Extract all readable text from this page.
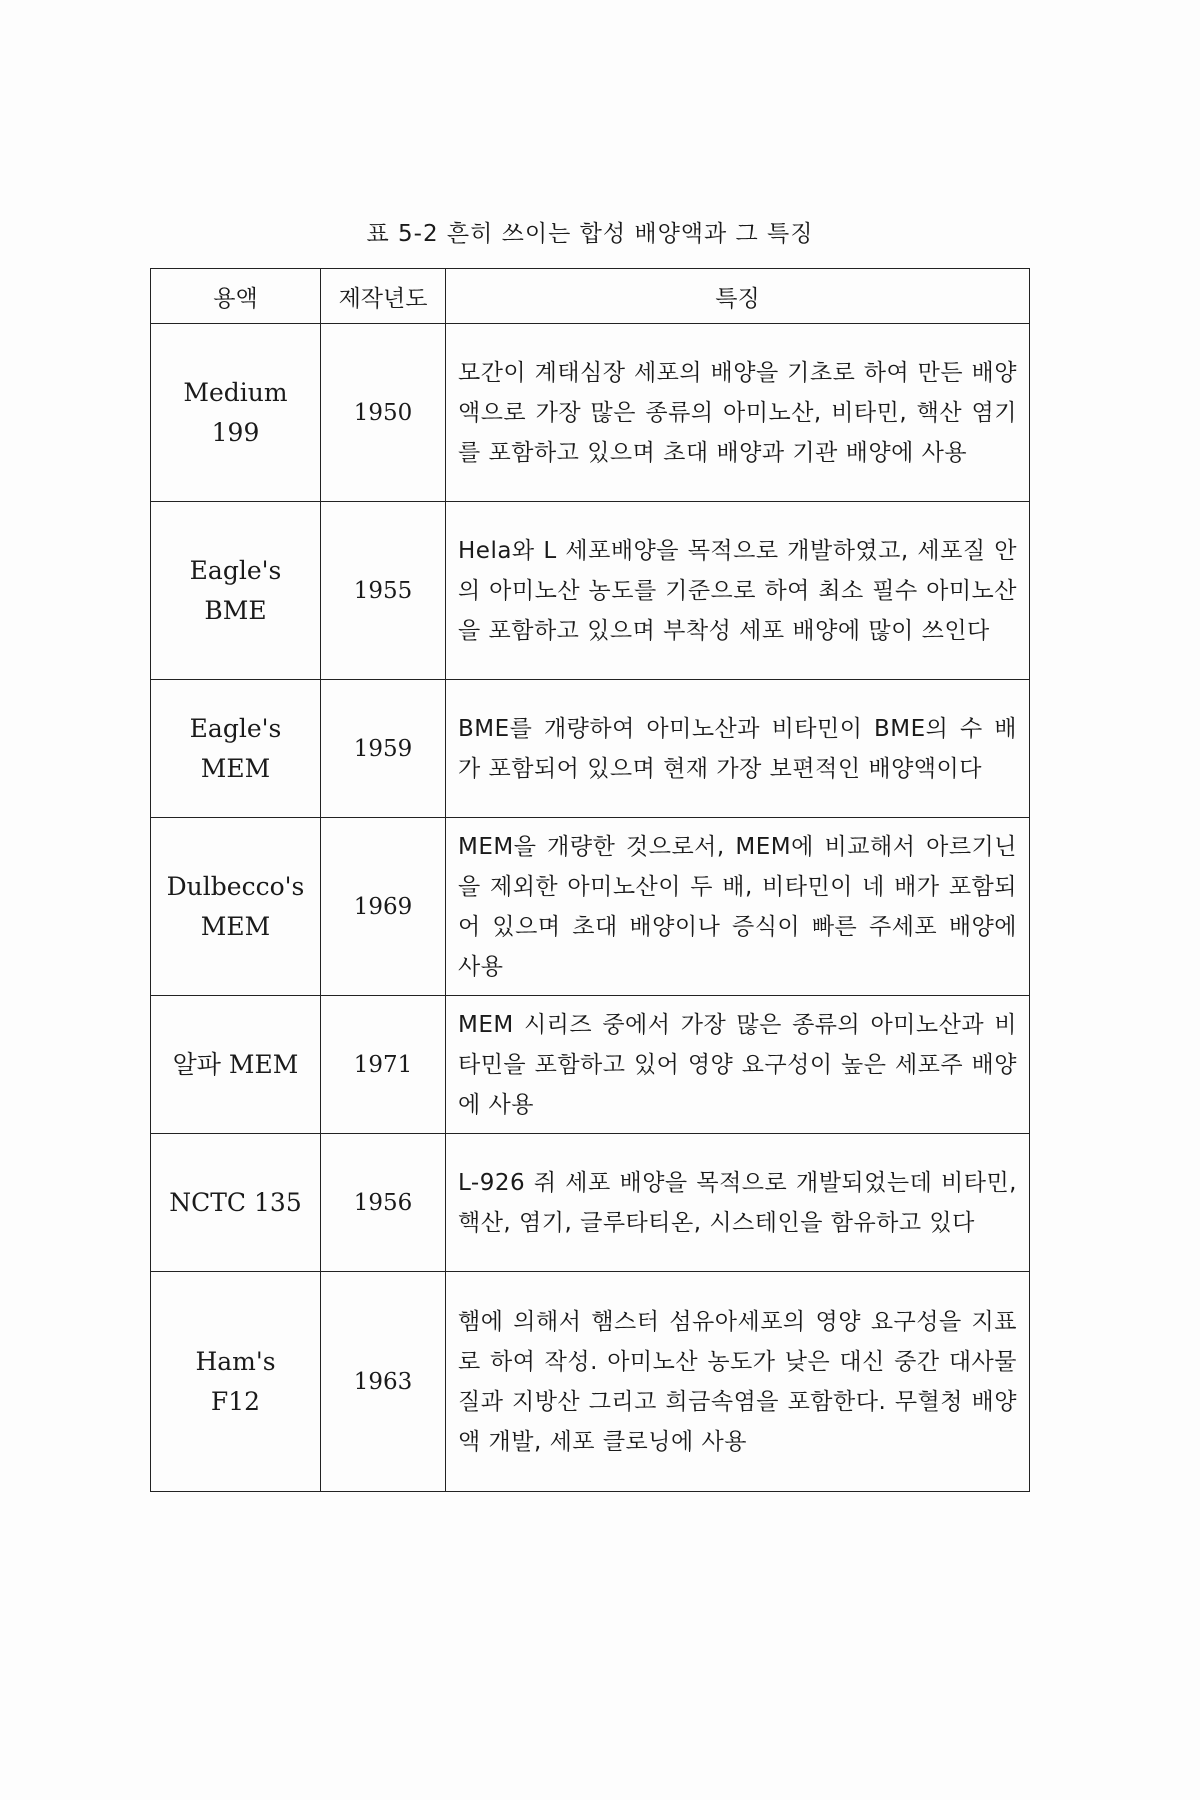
표 5-2 흔히 쓰이는 합성 배양액과 그 특징
용액	제작년도	특징

Medium
199	1950	모간이 계태심장 세포의 배양을 기초로 하여 만든 배양액으로 가장 많은 종류의 아미노산, 비타민, 핵산 염기를 포함하고 있으며 초대 배양과 기관 배양에 사용

Eagle's
BME	1955	Hela와 L 세포배양을 목적으로 개발하였고, 세포질 안의 아미노산 농도를 기준으로 하여 최소 필수 아미노산을 포함하고 있으며 부착성 세포 배양에 많이 쓰인다

Eagle's
MEM	1959	BME를 개량하여 아미노산과 비타민이 BME의 수 배가 포함되어 있으며 현재 가장 보편적인 배양액이다

Dulbecco's
MEM	1969	MEM을 개량한 것으로서, MEM에 비교해서 아르기닌을 제외한 아미노산이 두 배, 비타민이 네 배가 포함되어 있으며 초대 배양이나 증식이 빠른 주세포 배양에 사용

알파 MEM	1971	MEM 시리즈 중에서 가장 많은 종류의 아미노산과 비타민을 포함하고 있어 영양 요구성이 높은 세포주 배양에 사용

NCTC 135	1956	L-926 쥐 세포 배양을 목적으로 개발되었는데 비타민, 핵산, 염기, 글루타티온, 시스테인을 함유하고 있다

Ham's
F12	1963	햄에 의해서 햄스터 섬유아세포의 영양 요구성을 지표로 하여 작성. 아미노산 농도가 낮은 대신 중간 대사물질과 지방산 그리고 희금속염을 포함한다. 무혈청 배양액 개발, 세포 클로닝에 사용
